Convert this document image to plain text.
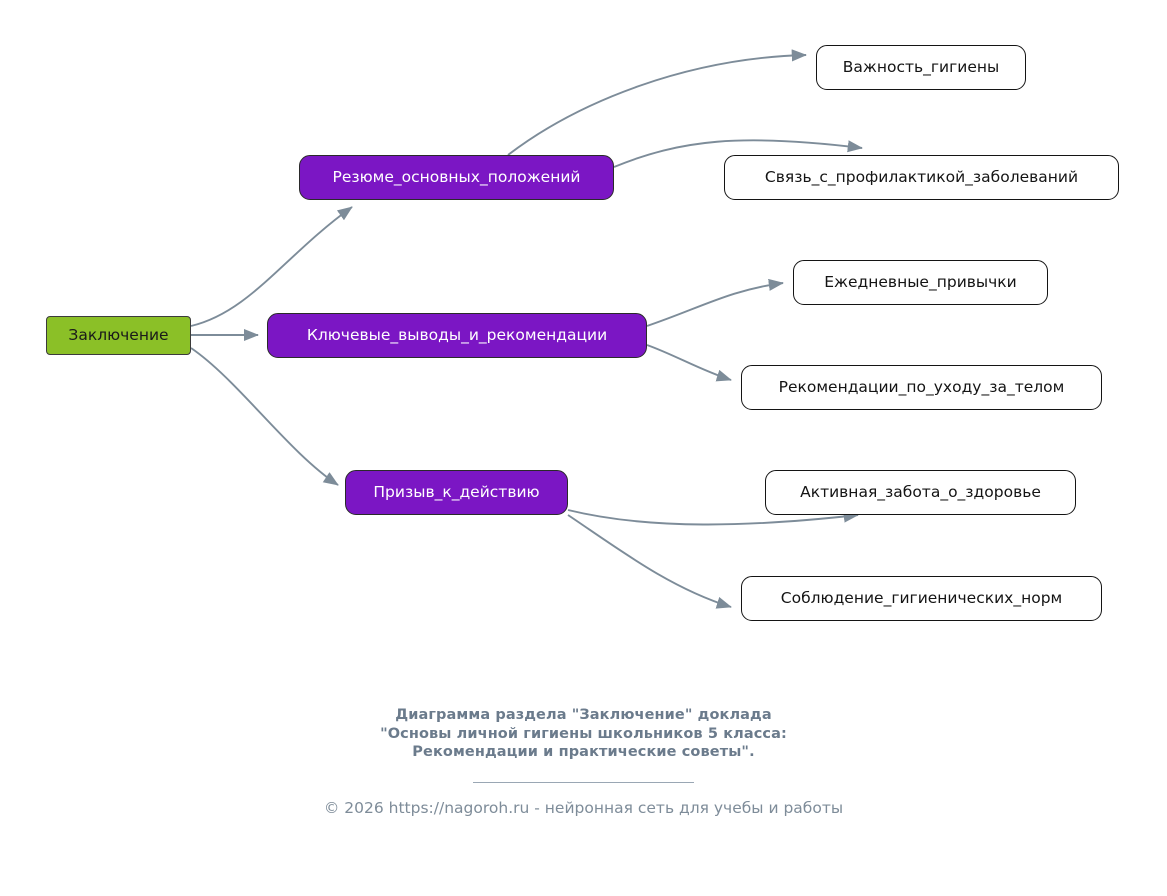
Заключение
Резюме_основных_положений
Важность_гигиены
Связь_с_профилактикой_заболеваний
Ключевые_выводы_и_рекомендации
Ежедневные_привычки
Рекомендации_по_уходу_за_телом
Призыв_к_действию	Активная_забота_о_здоровье
Соблюдение_гигиенических_норм
Диаграмма раздела "Заключение" доклада
"Основы личной гигиены школьников 5 класса:
Рекомендации и практические советы".
© 2026 https://nagoroh.ru - нейронная сеть для учебы и работы
